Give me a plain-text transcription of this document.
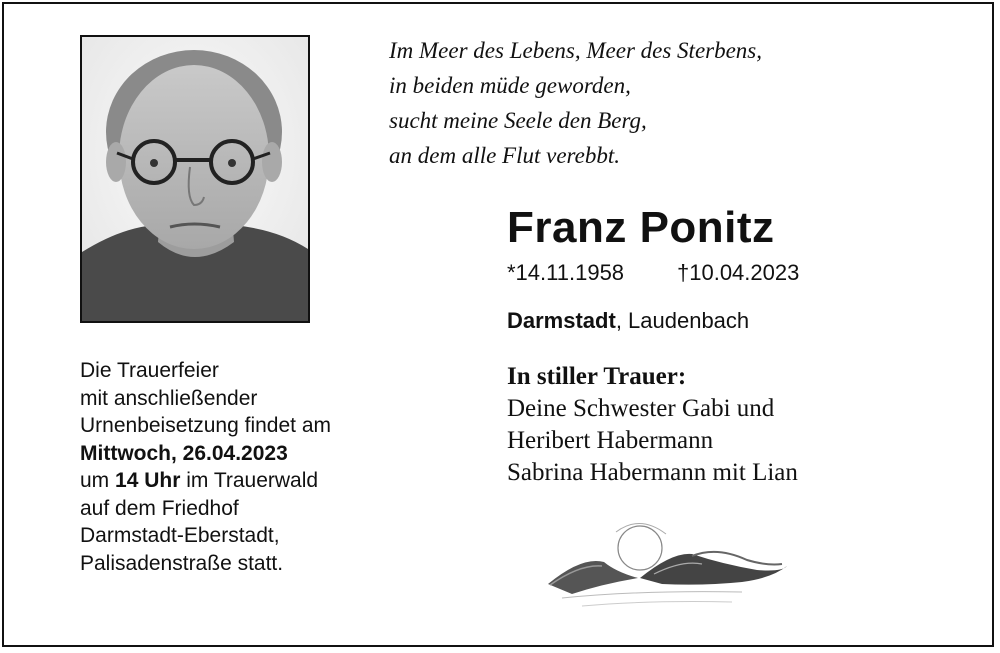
Im Meer des Lebens, Meer des Sterbens,
in beiden müde geworden,
sucht meine Seele den Berg,
an dem alle Flut verebbt.
Franz Ponitz
*14.11.1958 †10.04.2023
Darmstadt, Laudenbach
In stiller Trauer:
Deine Schwester Gabi und
Heribert Habermann
Sabrina Habermann mit Lian
Die Trauerfeier
mit anschließender
Urnenbeisetzung findet am
Mittwoch, 26.04.2023
um 14 Uhr im Trauerwald
auf dem Friedhof
Darmstadt-Eberstadt,
Palisadenstraße statt.
